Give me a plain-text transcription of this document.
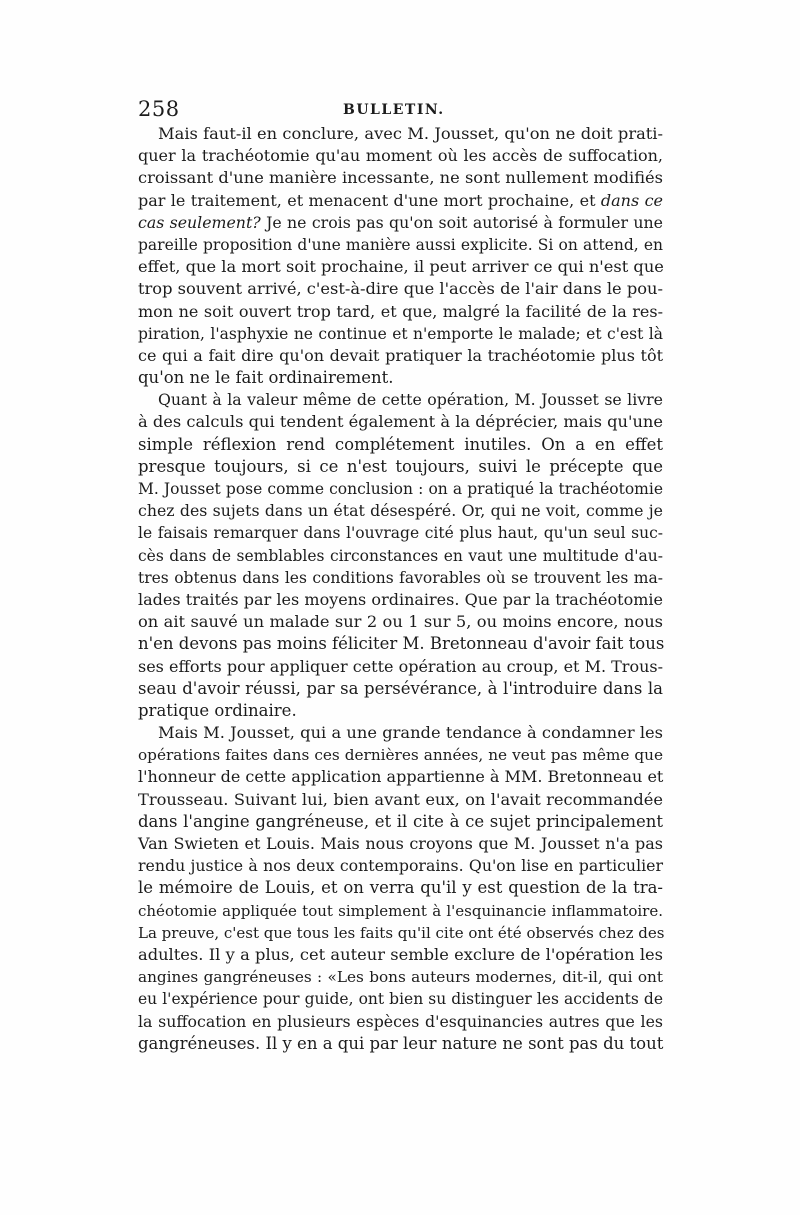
258	BULLETIN.
Mais faut-il en conclure, avec M. Jousset, qu'on ne doit prati-
quer la trachéotomie qu'au moment où les accès de suffocation,
croissant d'une manière incessante, ne sont nullement modifiés
par le traitement, et menacent d'une mort prochaine, et dans ce
cas seulement? Je ne crois pas qu'on soit autorisé à formuler une
pareille proposition d'une manière aussi explicite. Si on attend, en
effet, que la mort soit prochaine, il peut arriver ce qui n'est que
trop souvent arrivé, c'est-à-dire que l'accès de l'air dans le pou-
mon ne soit ouvert trop tard, et que, malgré la facilité de la res-
piration, l'asphyxie ne continue et n'emporte le malade; et c'est là
ce qui a fait dire qu'on devait pratiquer la trachéotomie plus tôt
qu'on ne le fait ordinairement.
Quant à la valeur même de cette opération, M. Jousset se livre
à des calculs qui tendent également à la déprécier, mais qu'une
simple réflexion rend complétement inutiles. On a en effet
presque toujours, si ce n'est toujours, suivi le précepte que
M. Jousset pose comme conclusion : on a pratiqué la trachéotomie
chez des sujets dans un état désespéré. Or, qui ne voit, comme je
le faisais remarquer dans l'ouvrage cité plus haut, qu'un seul suc-
cès dans de semblables circonstances en vaut une multitude d'au-
tres obtenus dans les conditions favorables où se trouvent les ma-
lades traités par les moyens ordinaires. Que par la trachéotomie
on ait sauvé un malade sur 2 ou 1 sur 5, ou moins encore, nous
n'en devons pas moins féliciter M. Bretonneau d'avoir fait tous
ses efforts pour appliquer cette opération au croup, et M. Trous-
seau d'avoir réussi, par sa persévérance, à l'introduire dans la
pratique ordinaire.
Mais M. Jousset, qui a une grande tendance à condamner les
opérations faites dans ces dernières années, ne veut pas même que
l'honneur de cette application appartienne à MM. Bretonneau et
Trousseau. Suivant lui, bien avant eux, on l'avait recommandée
dans l'angine gangréneuse, et il cite à ce sujet principalement
Van Swieten et Louis. Mais nous croyons que M. Jousset n'a pas
rendu justice à nos deux contemporains. Qu'on lise en particulier
le mémoire de Louis, et on verra qu'il y est question de la tra-
chéotomie appliquée tout simplement à l'esquinancie inflammatoire.
La preuve, c'est que tous les faits qu'il cite ont été observés chez des
adultes. Il y a plus, cet auteur semble exclure de l'opération les
angines gangréneuses : «Les bons auteurs modernes, dit-il, qui ont
eu l'expérience pour guide, ont bien su distinguer les accidents de
la suffocation en plusieurs espèces d'esquinancies autres que les
gangréneuses. Il y en a qui par leur nature ne sont pas du tout
